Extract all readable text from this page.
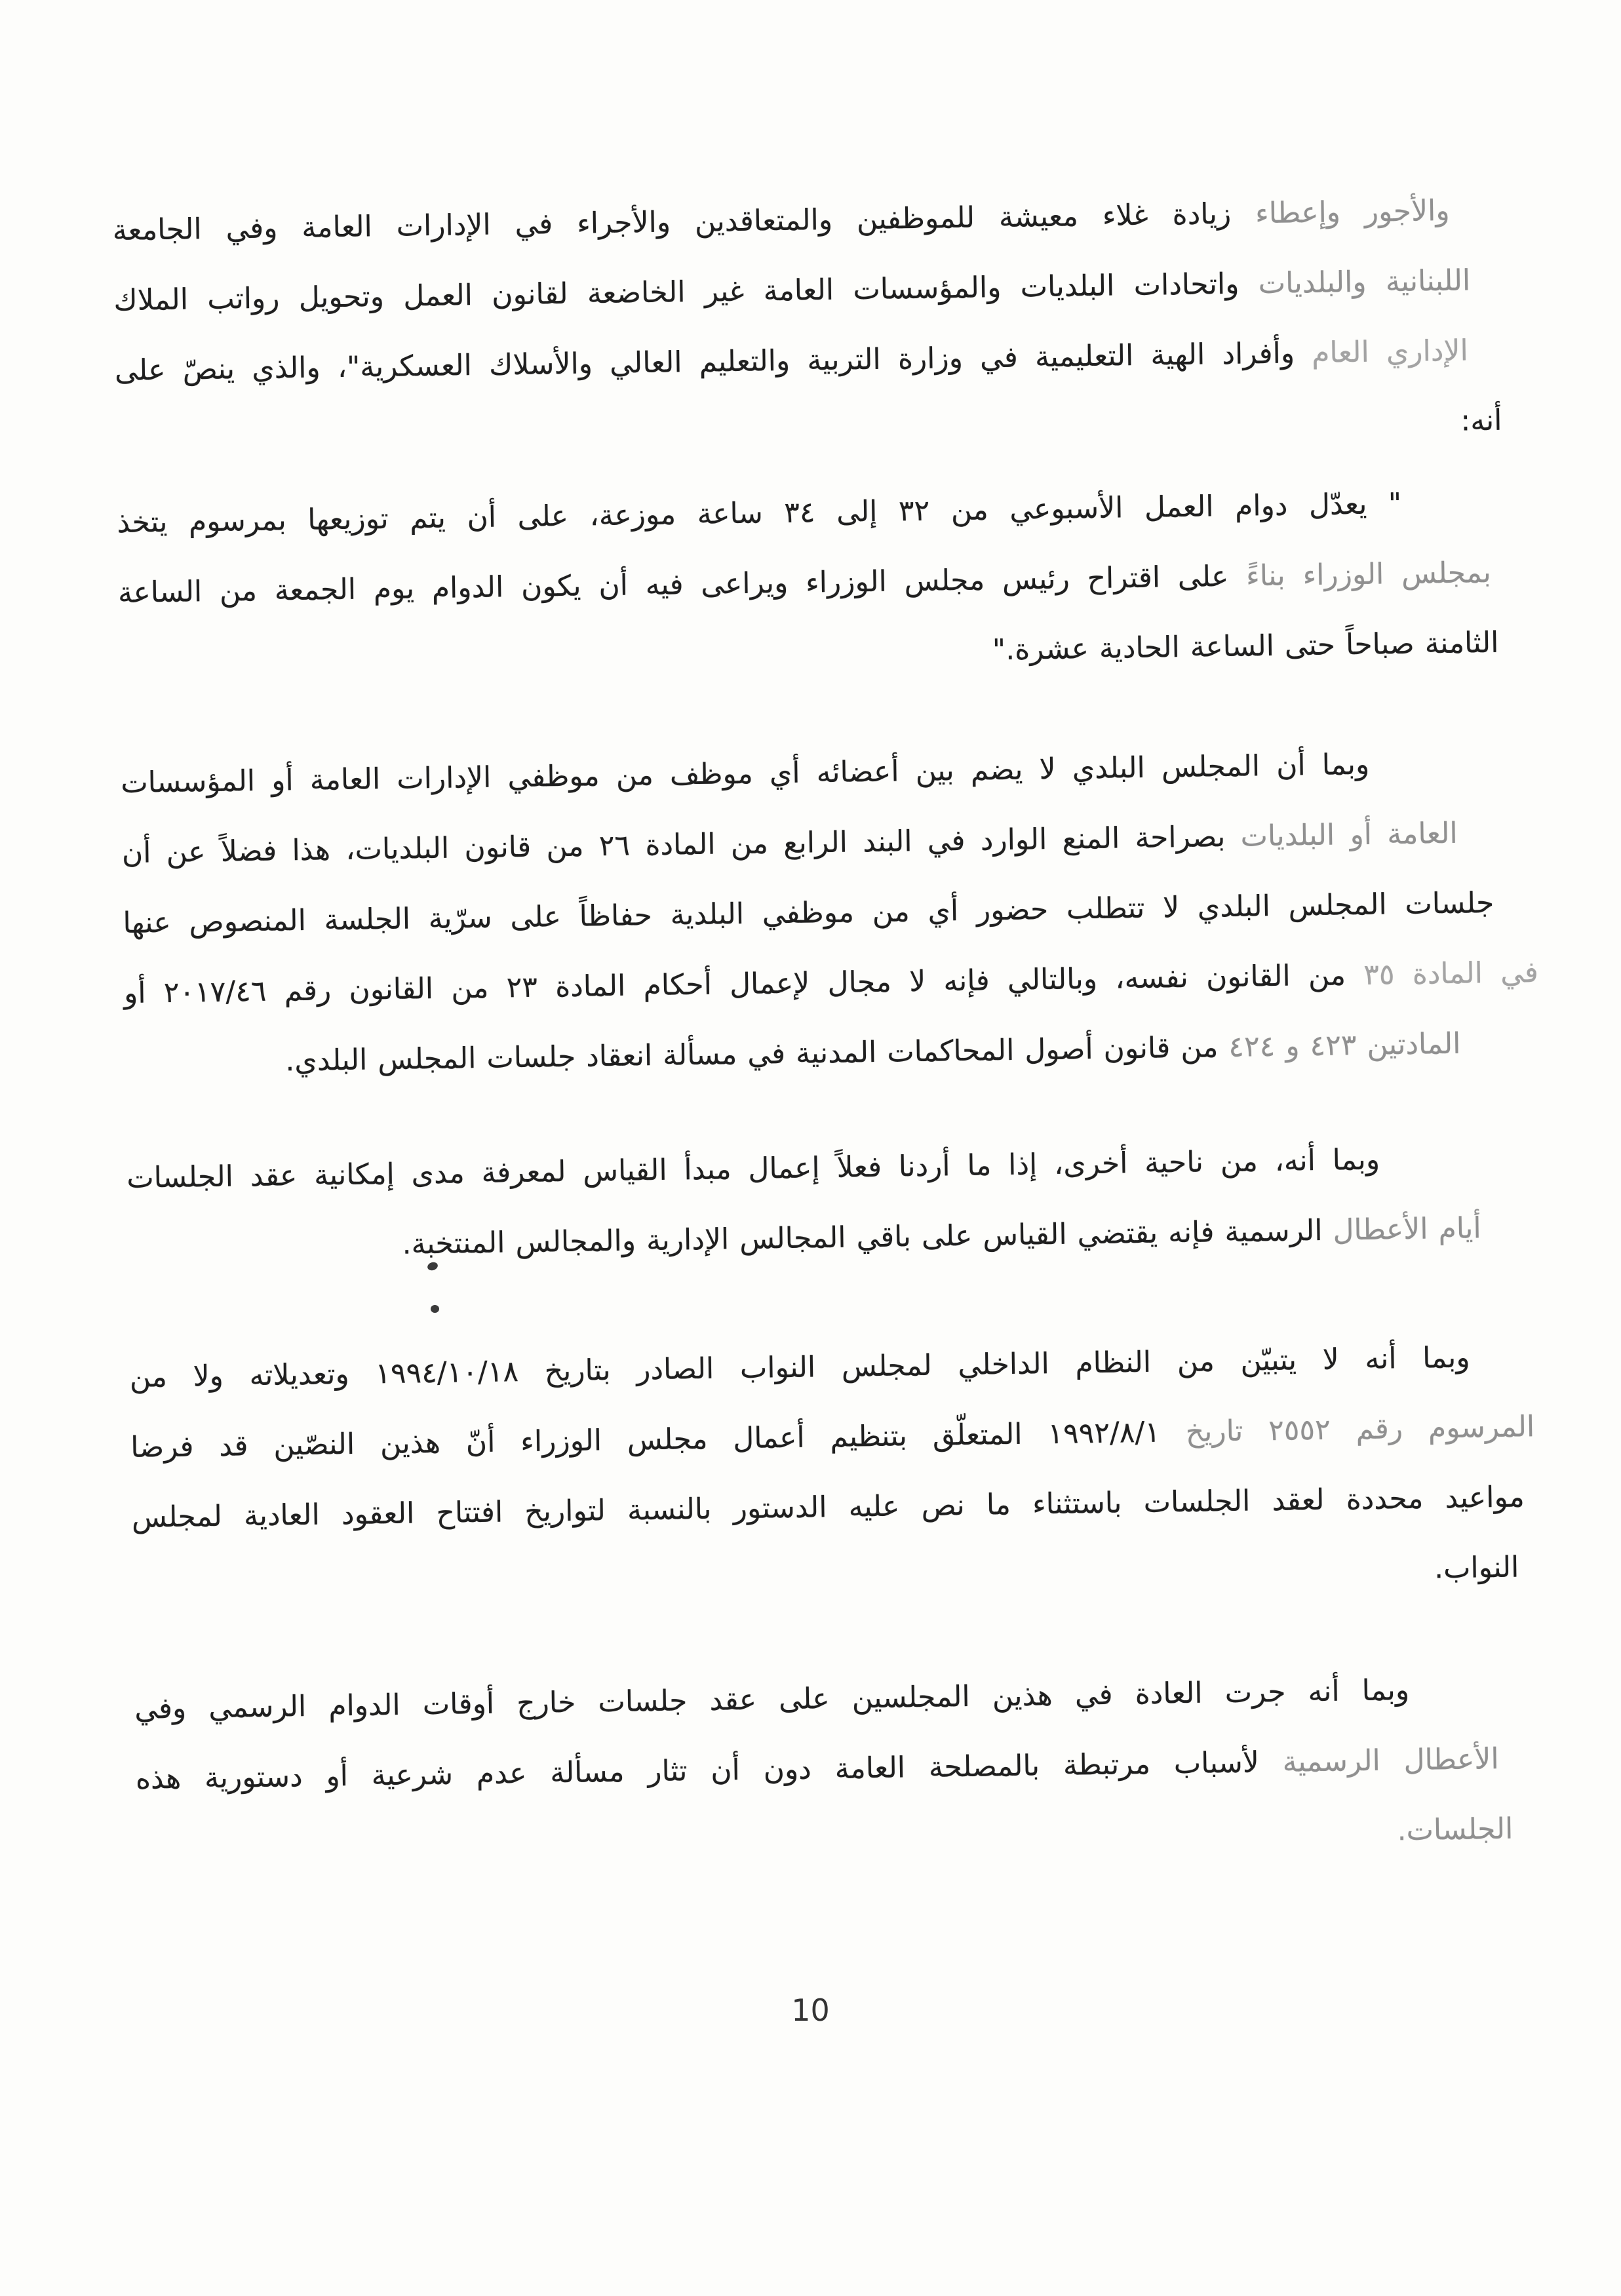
والأجور وإعطاء زيادة غلاء معيشة للموظفين والمتعاقدين والأجراء في الإدارات العامة وفي الجامعة
اللبنانية والبلديات واتحادات البلديات والمؤسسات العامة غير الخاضعة لقانون العمل وتحويل رواتب الملاك
الإداري العام وأفراد الهية التعليمية في وزارة التربية والتعليم العالي والأسلاك العسكرية"، والذي ينصّ على
أنه:
" يعدّل دوام العمل الأسبوعي من ٣٢ إلى ٣٤ ساعة موزعة، على أن يتم توزيعها بمرسوم يتخذ
بمجلس الوزراء بناءً على اقتراح رئيس مجلس الوزراء ويراعى فيه أن يكون الدوام يوم الجمعة من الساعة
الثامنة صباحاً حتى الساعة الحادية عشرة."
وبما أن المجلس البلدي لا يضم بين أعضائه أي موظف من موظفي الإدارات العامة أو المؤسسات
العامة أو البلديات بصراحة المنع الوارد في البند الرابع من المادة ٢٦ من قانون البلديات، هذا فضلاً عن أن
جلسات المجلس البلدي لا تتطلب حضور أي من موظفي البلدية حفاظاً على سرّية الجلسة المنصوص عنها
في المادة ٣٥ من القانون نفسه، وبالتالي فإنه لا مجال لإعمال أحكام المادة ٢٣ من القانون رقم ٢٠١٧/٤٦ أو
المادتين ٤٢٣ و ٤٢٤ من قانون أصول المحاكمات المدنية في مسألة انعقاد جلسات المجلس البلدي.
وبما أنه، من ناحية أخرى، إذا ما أردنا فعلاً إعمال مبدأ القياس لمعرفة مدى إمكانية عقد الجلسات
أيام الأعطال الرسمية فإنه يقتضي القياس على باقي المجالس الإدارية والمجالس المنتخبة.
وبما أنه لا يتبيّن من النظام الداخلي لمجلس النواب الصادر بتاريخ ١٩٩٤/١٠/١٨ وتعديلاته ولا من
المرسوم رقم ٢٥٥٢ تاريخ ١٩٩٢/٨/١ المتعلّق بتنظيم أعمال مجلس الوزراء أنّ هذين النصّين قد فرضا
مواعيد محددة لعقد الجلسات باستثناء ما نص عليه الدستور بالنسبة لتواريخ افتتاح العقود العادية لمجلس
النواب.
وبما أنه جرت العادة في هذين المجلسين على عقد جلسات خارج أوقات الدوام الرسمي وفي
الأعطال الرسمية لأسباب مرتبطة بالمصلحة العامة دون أن تثار مسألة عدم شرعية أو دستورية هذه
الجلسات.
10
